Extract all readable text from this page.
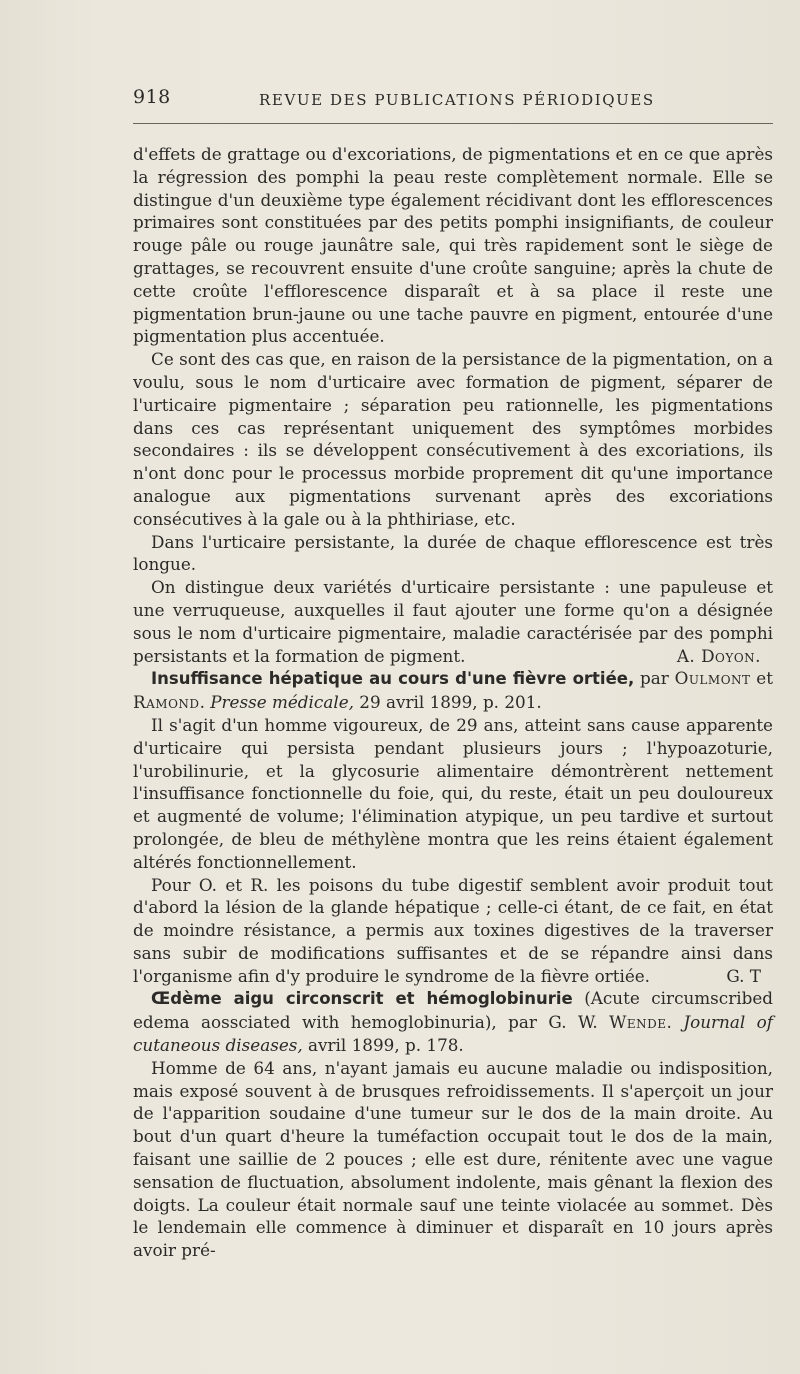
918	REVUE DES PUBLICATIONS PÉRIODIQUES

d'effets de grattage ou d'excoriations, de pigmentations et en ce que après la régression des pomphi la peau reste complètement normale. Elle se distingue d'un deuxième type également récidivant dont les efflorescences primaires sont constituées par des petits pomphi insignifiants, de couleur rouge pâle ou rouge jaunâtre sale, qui très rapidement sont le siège de grattages, se recouvrent ensuite d'une croûte sanguine; après la chute de cette croûte l'efflorescence disparaît et à sa place il reste une pigmentation brun-jaune ou une tache pauvre en pigment, entourée d'une pigmentation plus accentuée.

Ce sont des cas que, en raison de la persistance de la pigmentation, on a voulu, sous le nom d'urticaire avec formation de pigment, séparer de l'urticaire pigmentaire ; séparation peu rationnelle, les pigmentations dans ces cas représentant uniquement des symptômes morbides secondaires : ils se développent consécutivement à des excoriations, ils n'ont donc pour le processus morbide proprement dit qu'une importance analogue aux pigmentations survenant après des excoriations consécutives à la gale ou à la phthiriase, etc.

Dans l'urticaire persistante, la durée de chaque efflorescence est très longue.

On distingue deux variétés d'urticaire persistante : une papuleuse et une verruqueuse, auxquelles il faut ajouter une forme qu'on a désignée sous le nom d'urticaire pigmentaire, maladie caractérisée par des pomphi persistants et la formation de pigment.	A. Doyon.

Insuffisance hépatique au cours d'une fièvre ortiée, par Oulmont et Ramond. Presse médicale, 29 avril 1899, p. 201.

Il s'agit d'un homme vigoureux, de 29 ans, atteint sans cause apparente d'urticaire qui persista pendant plusieurs jours ; l'hypoazoturie, l'urobilinurie, et la glycosurie alimentaire démontrèrent nettement l'insuffisance fonctionnelle du foie, qui, du reste, était un peu douloureux et augmenté de volume; l'élimination atypique, un peu tardive et surtout prolongée, de bleu de méthylène montra que les reins étaient également altérés fonctionnellement.

Pour O. et R. les poisons du tube digestif semblent avoir produit tout d'abord la lésion de la glande hépatique ; celle-ci étant, de ce fait, en état de moindre résistance, a permis aux toxines digestives de la traverser sans subir de modifications suffisantes et de se répandre ainsi dans l'organisme afin d'y produire le syndrome de la fièvre ortiée.	G. T

Œdème aigu circonscrit et hémoglobinurie (Acute circumscribed edema aossciated with hemoglobinuria), par G. W. Wende. Journal of cutaneous diseases, avril 1899, p. 178.

Homme de 64 ans, n'ayant jamais eu aucune maladie ou indisposition, mais exposé souvent à de brusques refroidissements. Il s'aperçoit un jour de l'apparition soudaine d'une tumeur sur le dos de la main droite. Au bout d'un quart d'heure la tuméfaction occupait tout le dos de la main, faisant une saillie de 2 pouces ; elle est dure, rénitente avec une vague sensation de fluctuation, absolument indolente, mais gênant la flexion des doigts. La couleur était normale sauf une teinte violacée au sommet. Dès le lendemain elle commence à diminuer et disparaît en 10 jours après avoir pré-
